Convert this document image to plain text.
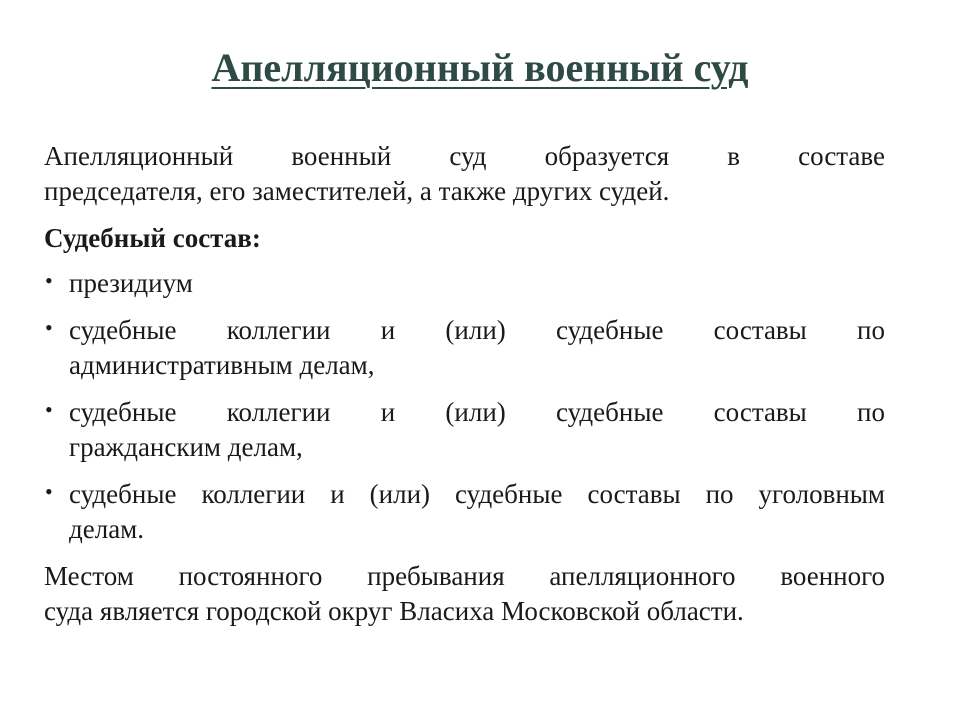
Апелляционный военный суд
Апелляционный военный суд образуется в составе
председателя, его заместителей, а также других судей.
Судебный состав:
• президиум
• судебные коллегии и (или) судебные составы по
административным делам,
• судебные коллегии и (или) судебные составы по
гражданским делам,
• судебные коллегии и (или) судебные составы по уголовным
делам.
Местом постоянного пребывания апелляционного военного
суда является городской округ Власиха Московской области.
